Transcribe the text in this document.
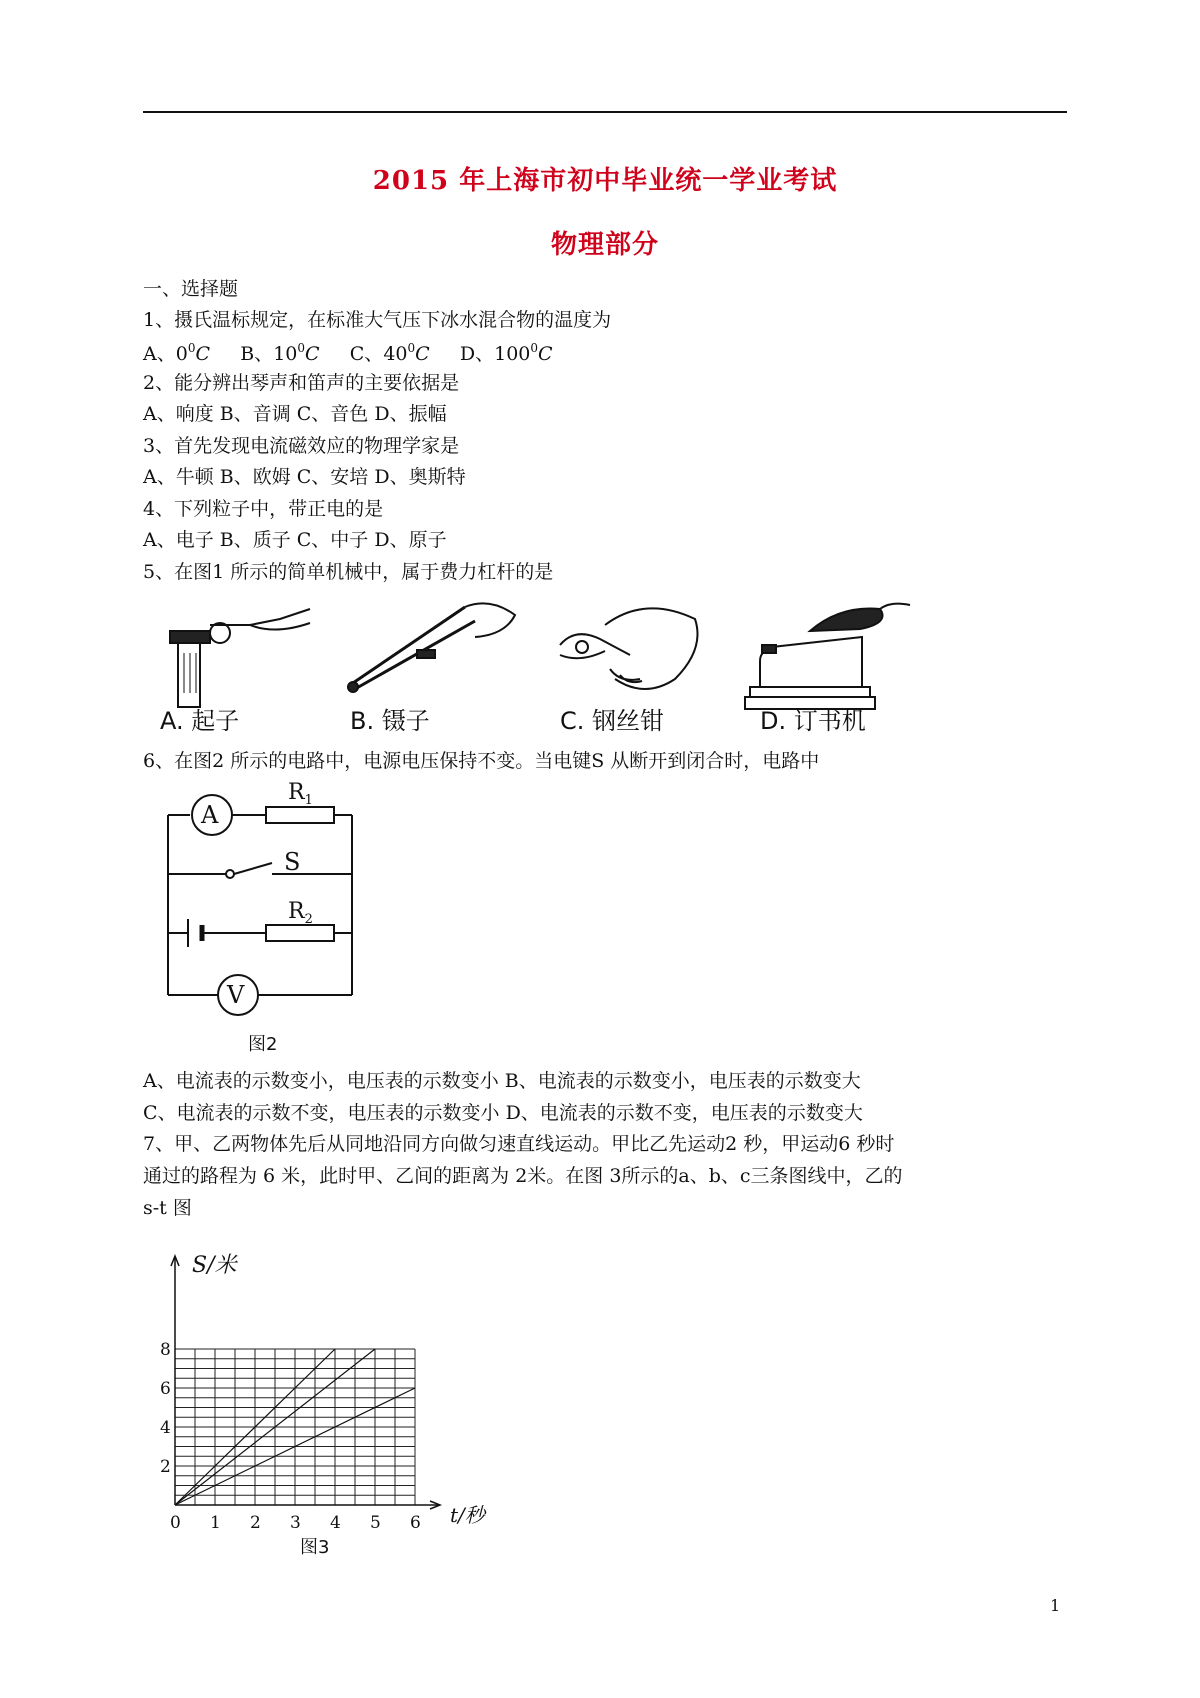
2015 年上海市初中毕业统一学业考试
物理部分
一、选择题
1、摄氏温标规定，在标准大气压下冰水混合物的温度为
A、$0^0C$ B、$10^0C$ C、$40^0C$ D、$100^0C$
2、能分辨出琴声和笛声的主要依据是
A、响度 B、音调 C、音色 D、振幅
3、首先发现电流磁效应的物理学家是
A、牛顿 B、欧姆 C、安培 D、奥斯特
4、下列粒子中，带正电的是
A、电子 B、质子 C、中子 D、原子
5、在图1 所示的简单机械中，属于费力杠杆的是
A. 起子	B. 镊子	C. 钢丝钳	D. 订书机
6、在图2 所示的电路中，电源电压保持不变。当电键S 从断开到闭合时，电路中
A
V
$R_1$
$R_2$
S
图2
A、电流表的示数变小，电压表的示数变小 B、电流表的示数变小，电压表的示数变大
C、电流表的示数不变，电压表的示数变小 D、电流表的示数不变，电压表的示数变大
7、甲、乙两物体先后从同地沿同方向做匀速直线运动。甲比乙先运动2 秒，甲运动6 秒时
通过的路程为 6 米，此时甲、乙间的距离为 2米。在图 3所示的a、b、c三条图线中，乙的
s-t 图
0 1 2 3 4 5 6
2
4
6
8
S/米
t/秒
图3
1
